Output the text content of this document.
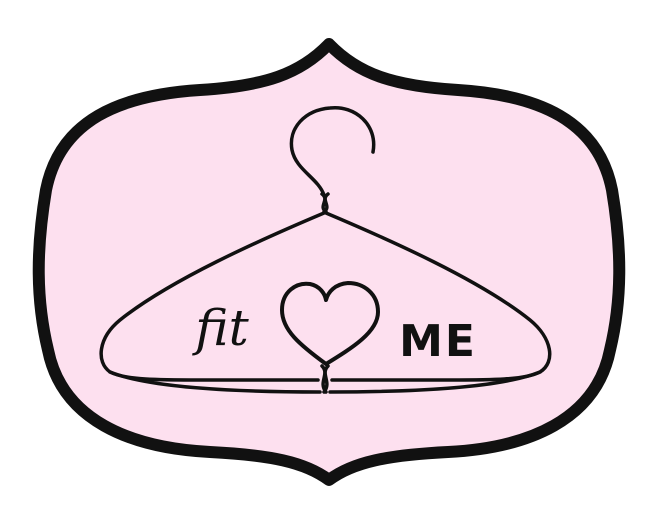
fit	ME
